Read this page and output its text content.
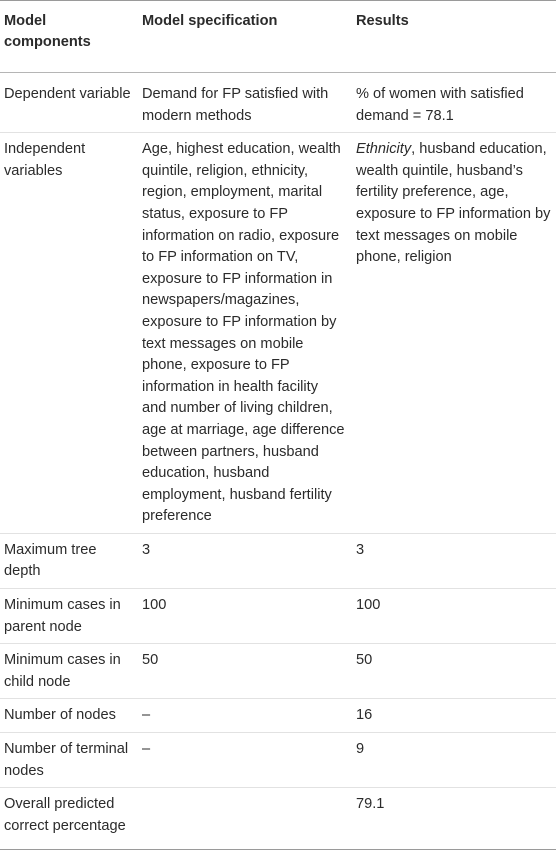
Model components	Model specification	Results
Dependent variable	Demand for FP satisfied with modern methods	% of women with satisfied demand = 78.1
Independent variables	Age, highest education, wealth quintile, religion, ethnicity, region, employment, marital status, exposure to FP information on radio, exposure to FP information on TV, exposure to FP information in newspapers/magazines, exposure to FP information by text messages on mobile phone, exposure to FP information in health facility and number of living children, age at marriage, age difference between partners, husband education, husband employment, husband fertility preference	Ethnicity, husband education, wealth quintile, husband’s fertility preference, age, exposure to FP information by text messages on mobile phone, religion
Maximum tree depth	3	3
Minimum cases in parent node	100	100
Minimum cases in child node	50	50
Number of nodes	–	16
Number of terminal nodes	–	9
Overall predicted correct percentage		79.1
